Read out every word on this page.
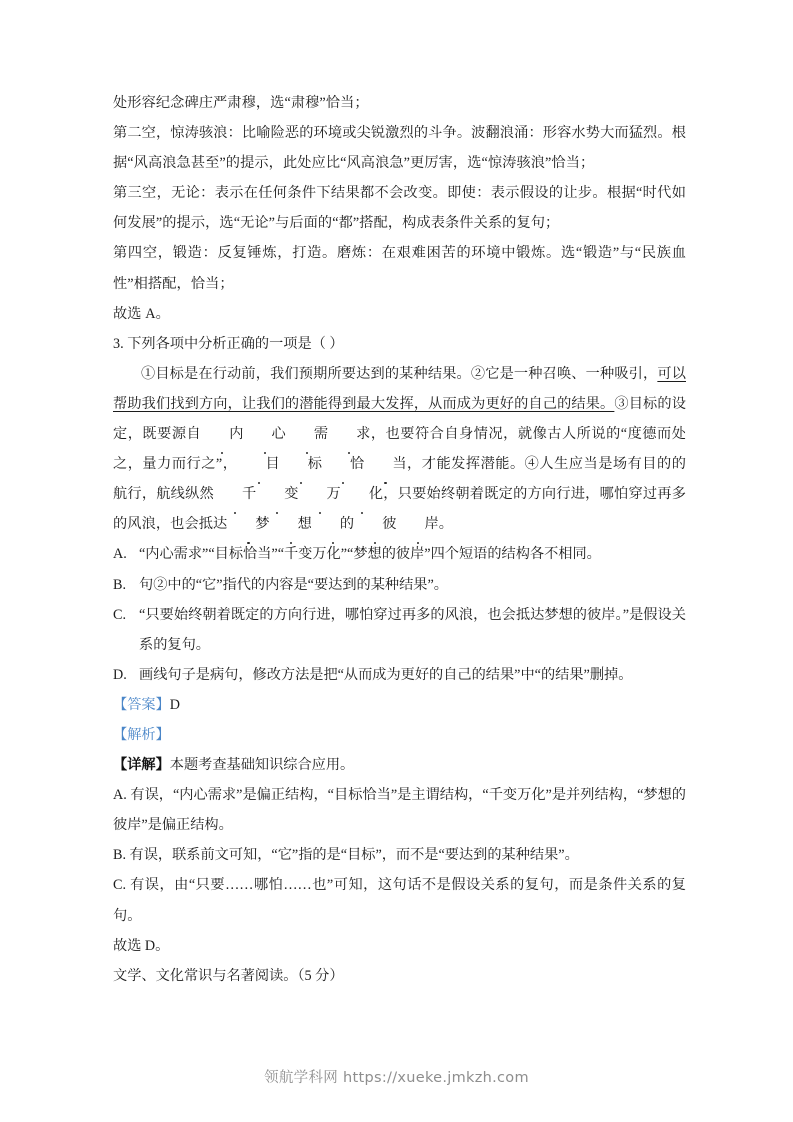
处形容纪念碑庄严肃穆，选“肃穆”恰当；

第二空，惊涛骇浪：比喻险恶的环境或尖锐激烈的斗争。波翻浪涌：形容水势大而猛烈。根据“风高浪急甚至”的提示，此处应比“风高浪急”更厉害，选“惊涛骇浪”恰当；

第三空，无论：表示在任何条件下结果都不会改变。即使：表示假设的让步。根据“时代如何发展”的提示，选“无论”与后面的“都”搭配，构成表条件关系的复句；

第四空，锻造：反复锤炼，打造。磨炼：在艰难困苦的环境中锻炼。选“锻造”与“民族血性”相搭配，恰当；

故选 A。

3. 下列各项中分析正确的一项是（ ）

①目标是在行动前，我们预期所要达到的某种结果。②它是一种召唤、一种吸引，可以帮助我们找到方向，让我们的潜能得到最大发挥，从而成为更好的自己的结果。③目标的设定，既要源自 内 心 需 求，也要符合自身情况，就像古人所说的“度德而处之，量力而行之”， 目 标 恰 当，才能发挥潜能。④人生应当是场有目的的航行，航线纵然 千 变 万 化，只要始终朝着既定的方向行进，哪怕穿过再多的风浪，也会抵达 梦 想 的 彼 岸。

A. “内心需求”“目标恰当”“千变万化”“梦想的彼岸”四个短语的结构各不相同。

B. 句②中的“它”指代的内容是“要达到的某种结果”。

C. “只要始终朝着既定的方向行进，哪怕穿过再多的风浪，也会抵达梦想的彼岸。”是假设关系的复句。

D. 画线句子是病句，修改方法是把“从而成为更好的自己的结果”中“的结果”删掉。

【答案】D

【解析】

【详解】本题考查基础知识综合应用。

A. 有误，“内心需求”是偏正结构，“目标恰当”是主谓结构，“千变万化”是并列结构，“梦想的彼岸”是偏正结构。

B. 有误，联系前文可知，“它”指的是“目标”，而不是“要达到的某种结果”。

C. 有误，由“只要……哪怕……也”可知，这句话不是假设关系的复句，而是条件关系的复句。

故选 D。

文学、文化常识与名著阅读。（5 分）

领航学科网 https://xueke.jmkzh.com
